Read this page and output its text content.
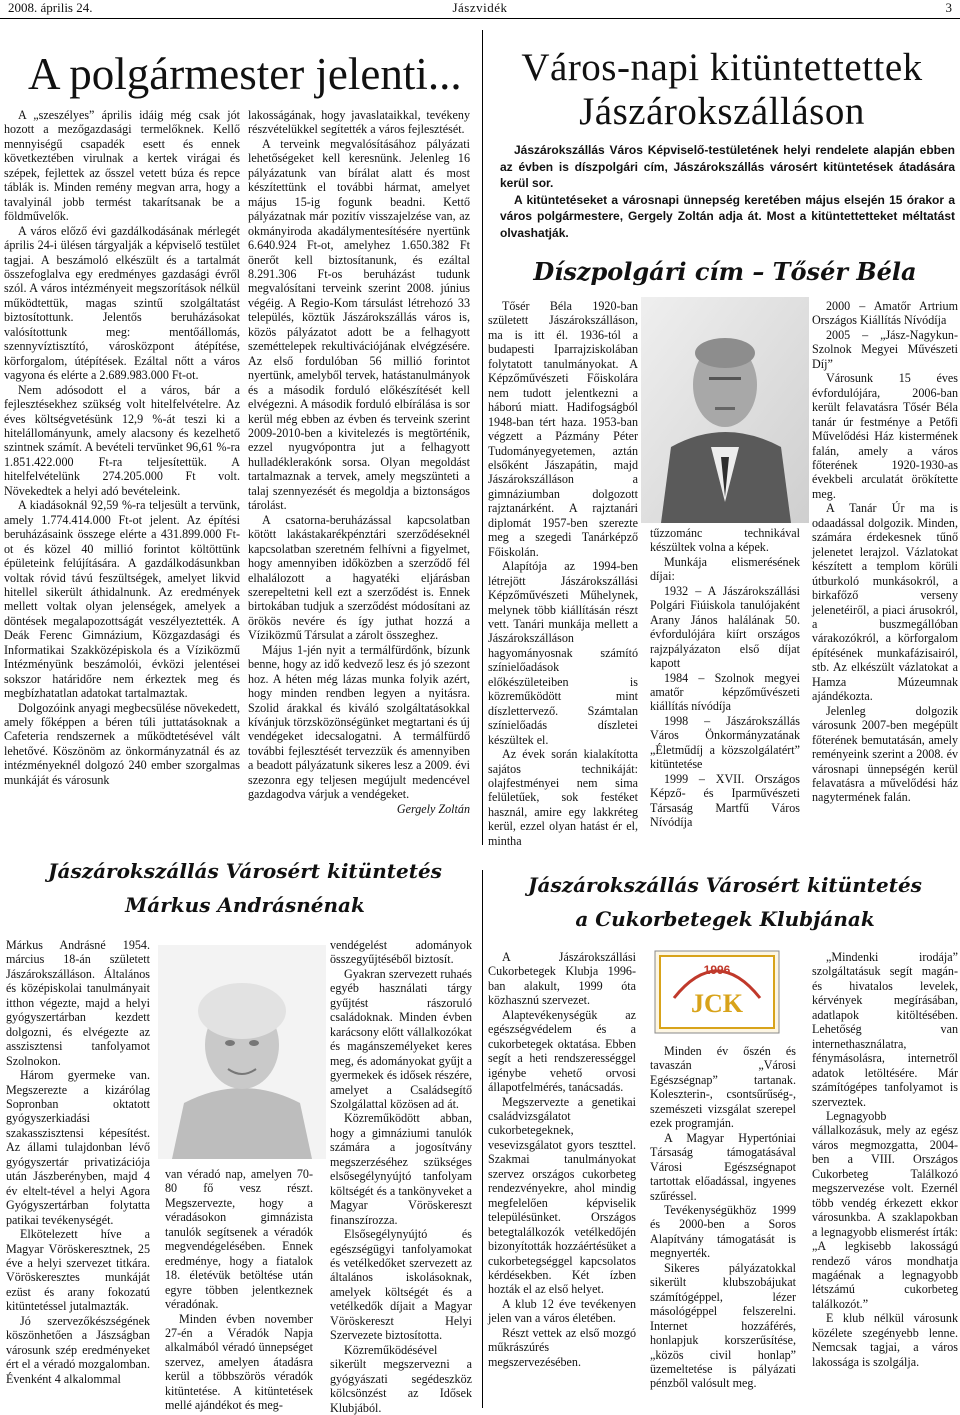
2008. április 24.	Jászvidék	3
A polgármester jelenti...

A „szeszélyes” április idáig még csak jót hozott a mezőgazdasági termelőknek. Kellő mennyiségű csapadék esett és ennek következtében virulnak a kertek virágai és szépek, fejlettek az ősszel vetett búza és repce táblák is. Minden remény megvan arra, hogy a tavalyinál jobb termést takarítsanak be a földművelők.

A város előző évi gazdálkodásának mérlegét április 24-i ülésen tárgyalják a képviselő testület tagjai. A beszámoló elkészült és a tartalmát összefoglalva egy eredményes gazdasági évről szól. A város intézményeit megszorítások nélkül működtettük, magas szintű szolgáltatást biztosítottunk. Jelentős beruházásokat valósítottunk meg: mentőállomás, szennyvíztisztító, városközpont átépítése, körforgalom, útépítések. Ezáltal nőtt a város vagyona és elérte a 2.689.983.000 Ft-ot.

Nem adósodott el a város, bár a fejlesztésekhez szükség volt hitelfelvételre. Az éves költségvetésünk 12,9 %-át teszi ki a hitelállományunk, amely alacsony és kezelhető szintnek számít. A bevételi tervünket 96,61 %-ra 1.851.422.000 Ft-ra teljesítettük. A hitelfelvételünk 274.205.000 Ft volt. Növekedtek a helyi adó bevételeink.

A kiadásoknál 92,59 %-ra teljesült a tervünk, amely 1.774.414.000 Ft-ot jelent. Az építési beruházásaink összege elérte a 431.899.000 Ft-ot és közel 40 millió forintot költöttünk épületeink felújítására. A gazdálkodásunkban voltak róvid távú feszültségek, amelyet likvid hitellel sikerült áthidalnunk. Az eredmények mellett voltak olyan jelenségek, amelyek a döntések megalapozottságát veszélyeztették. A Deák Ferenc Gimnázium, Közgazdasági és Informatikai Szakközépiskola és a Víziközmű Intézményünk beszámolói, évközi jelentései sokszor határidőre nem érkeztek meg és megbízhatatlan adatokat tartalmaztak.

Dolgozóink anyagi megbecsülése növekedett, amely főképpen a béren túli juttatásoknak a Cafeteria rendszernek a működtetésével vált lehetővé. Köszönöm az önkormányzatnál és az intézményeknél dolgozó 240 ember szorgalmas munkáját és városunk

lakosságának, hogy javaslataikkal, tevékeny részvételükkel segítették a város fejlesztését.

A terveink megvalósításához pályázati lehetőségeket kell keresnünk. Jelenleg 16 pályázatunk van bírálat alatt és most készítettünk el további hármat, amelyet május 15-ig fogunk beadni. Kettő pályázatnak már pozitív visszajelzése van, az okmányiroda akadálymentesítésére nyertünk 6.640.924 Ft-ot, amelyhez 1.650.382 Ft önerőt kell biztosítanunk, és ezáltal 8.291.306 Ft-os beruházást tudunk megvalósítani terveink szerint 2008. június végéig. A Regio-Kom társulást létrehozó 33 település, köztük Jászárokszállás város is, közös pályázatot adott be a felhagyott szeméttelepek rekultivációjának elvégzésére. Az első fordulóban 56 millió forintot nyertünk, amelyből tervek, hatástanulmányok és a második forduló előkészítését kell elvégezni. A második forduló elbírálása is sor kerül még ebben az évben és terveink szerint 2009-2010-ben a kivitelezés is megtörténik, ezzel nyugvópontra jut a felhagyott hulladéklerakónk sorsa. Olyan megoldást tartalmaznak a tervek, amely megszünteti a talaj szennyezését és megoldja a biztonságos tárolást.

A csatorna-beruházással kapcsolatban kötött lakástakarékpénztári szerződéseknél kapcsolatban szeretném felhívni a figyelmet, hogy amennyiben időközben a szerződő fél elhalálozott a hagyatéki eljárásban szerepeltetni kell ezt a szerződést is. Ennek birtokában tudjuk a szerződést módosítani az örökös nevére és így juthat hozzá a Víziközmű Társulat a zárolt összeghez.

Május 1-jén nyit a termálfürdőnk, bízunk benne, hogy az idő kedvező lesz és jó szezont hoz. A héten még lázas munka folyik azért, hogy minden rendben legyen a nyitásra. Szolid árakkal és kiváló szolgáltatásokkal kívánjuk törzsközönségünket megtartani és új vendégeket idecsalogatni. A termálfürdő további fejlesztését tervezzük és amennyiben a beadott pályázatunk sikeres lesz a 2009. évi szezonra egy teljesen megújult medencével gazdagodva várjuk a vendégeket.

Gergely Zoltán

Város-napi kitüntettettek
Jászárokszálláson

Jászárokszállás Város Képviselő-testületének helyi rendelete alapján ebben az évben is díszpolgári cím, Jászárokszállás városért kitüntetések átadására kerül sor.

A kitüntetéseket a városnapi ünnepség keretében május elsején 15 órakor a város polgármestere, Gergely Zoltán adja át. Most a kitüntettetteket méltatást olvashatják.

Díszpolgári cím – Tősér Béla

Tősér Béla 1920-ban született Jászárokszálláson, ma is itt él. 1936-tól a budapesti Iparrajziskolában folytatott tanulmányokat. A Képzőművészeti Főiskolára nem tudott jelentkezni a háború miatt. Hadifogságból 1948-ban tért haza. 1953-ban végzett a Pázmány Péter Tudományegyetemen, aztán elsőként Jászapátin, majd Jászárokszálláson a gimnáziumban dolgozott rajztanárként. A rajztanári diplomát 1957-ben szerezte meg a szegedi Tanárképző Főiskolán.

Alapítója az 1994-ben létrejött Jászárokszállási Képzőművészeti Műhelynek, melynek több kiállításán részt vett. Tanári munkája mellett a Jászárokszálláson hagyományosnak számító színielőadások előkészületeiben is közreműködött mint díszlettervező. Számtalan színielőadás díszletei készültek el.

Az évek során kialakította sajátos technikáját: olajfestményei nem sima felületűek, sok festéket használ, amire egy lakkréteg kerül, ezzel olyan hatást ér el, mintha

tűzzománc technikával készültek volna a képek.

Munkája elismerésének díjai:

1932 – A Jászárokszállási Polgári Fiúiskola tanulójaként Arany János halálának 50. évfordulójára kiírt országos rajzpályázaton első díjat kapott

1984 – Szolnok megyei amatőr képzőművészeti kiállítás nívódíja

1998 – Jászárokszállás Város Önkormányzatának „Életműdíj a közszolgálatért” kitüntetése

1999 – XVII. Országos Képző- és Iparművészeti Társaság Martfű Város Nívódíja

2000 – Amatőr Artrium Országos Kiállítás Nívódíja

2005 – „Jász-Nagykun-Szolnok Megyei Művészeti Díj”

Városunk 15 éves évfordulójára, 2006-ban került felavatásra Tősér Béla tanár úr festménye a Petőfi Művelődési Ház kistermének falán, amely a város főterének 1920-1930-as évekbeli arculatát örökítette meg.

A Tanár Úr ma is odaadással dolgozik. Minden, számára érdekesnek tűnő jelenetet lerajzol. Vázlatokat készített a templom körüli útburkoló munkásokról, a birkafőző verseny jelenetéiről, a piaci árusokról, a buszmegállóban várakozókról, a körforgalom építésének munkafázisairól, stb. Az elkészült vázlatokat a Hamza Múzeumnak ajándékozta.

Jelenleg dolgozik városunk 2007-ben megépült főterének bemutatásán, amely reményeink szerint a 2008. év városnapi ünnepségén kerül felavatásra a művelődési ház nagytermének falán.

Jászárokszállás Városért kitüntetés
Márkus Andrásnénak

Márkus Andrásné 1954. március 18-án született Jászárokszálláson. Általános és középiskolai tanulmányait itthon végezte, majd a helyi gyógyszertárban kezdett dolgozni, és elvégezte az asszisztensi tanfolyamot Szolnokon.

Három gyermeke van. Megszerezte a kizárólag Sopronban oktatott gyógyszerkiadási szakasszisztensi képesítést. Az állami tulajdonban lévő gyógyszertár privatizációja után Jászberényben, majd 4 év eltelt-tével a helyi Agora Gyógyszertárban folytatta patikai tevékenységét.

Elkötelezett híve a Magyar Vöröskeresztnek, 25 éve a helyi szervezet titkára. Vöröskeresztes munkáját ezüst és arany fokozatú kitüntetéssel jutalmazták.

Jó szervezőkészségének köszönhetően a Jászságban városunk szép eredményeket ért el a véradó mozgalomban. Évenként 4 alkalommal

van véradó nap, amelyen 70-80 fő vesz részt. Megszervezte, hogy a véradásokon gimnázista tanulók segítsenek a véradók megvendégelésében. Ennek eredménye, hogy a fiatalok 18. életévük betöltése után egyre többen jelentkeznek véradónak.

Minden évben november 27-én a Véradók Napja alkalmából véradó ünnepséget szervez, amelyen átadásra kerül a többszörös véradók kitüntetése. A kitüntetések mellé ajándékot és meg-

vendégelést adományok összegyűjtéséből biztosít.

Gyakran szervezett ruhaés egyéb használati tárgy gyűjtést rászoruló családoknak. Minden évben karácsony előtt vállalkozókat és magánszemélyeket keres meg, és adományokat gyűjt a gyermekek és idősek részére, amelyet a Családsegítő Szolgálattal közösen ad át.

Közreműködött abban, hogy a gimnáziumi tanulók számára a jogosítvány megszerzéséhez szükséges elsősegélynyújtó tanfolyam költségét és a tankönyveket a Magyar Vöröskereszt finanszírozza.

Elsősegélynyújtó és egészségügyi tanfolyamokat és vetélkedőket szervezett az általános iskolásoknak, amelyek költségét és a vetélkedők díjait a Magyar Vöröskereszt Helyi Szervezete biztosította.

Közreműködésével sikerült megszervezni a gyógyászati segédeszköz kölcsönzést az Idősek Klubjából.

Jászárokszállás Városért kitüntetés
a Cukorbetegek Klubjának
1996
JCK

A Jászárokszállási Cukorbetegek Klubja 1996-ban alakult, 1999 óta közhasznú szervezet.

Alaptevékenységük az egészségvédelem és a cukorbetegek oktatása. Ebben segít a heti rendszerességgel igénybe vehető orvosi állapotfelmérés, tanácsadás.

Megszervezte a genetikai családvizsgálatot cukorbetegeknek, vesevizsgálatot gyors teszttel. Szakmai tanulmányokat szervez országos cukorbeteg rendezvényekre, ahol mindig megfelelően képviselik településünket. Országos betegtalálkozók vetélkedőjén bizonyították hozzáértésüket a cukorbetegséggel kapcsolatos kérdésekben. Két ízben hozták el az első helyet.

A klub 12 éve tevékenyen jelen van a város életében.

Részt vettek az első mozgó műkrászúrés megszervezésében.

Minden év őszén és tavaszán „Városi Egészségnap” tartanak. Koleszterin-, csontsűrűség-, szemészeti vizsgálat szerepel ezek programján.

A Magyar Hypertóniai Társaság támogatásával Városi Egészségnapot tartottak előadással, ingyenes szűréssel.

Tevékenységükhöz 1999 és 2000-ben a Soros Alapítvány támogatását is megnyerték.

Sikeres pályázatokkal sikerült klubszobájukat számítógéppel, lézer másológéppel felszerelni. Internet hozzáférés, honlapjuk korszerűsítése, „közös civil honlap” üzemeltetése is pályázati pénzből valósult meg.

„Mindenki irodája” szolgáltatásuk segít magán- és hivatalos levelek, kérvények megírásában, adatlapok kitöltésében. Lehetőség van internethasználatra, fénymásolásra, internetről adatok letöltésére. Már számítógépes tanfolyamot is szerveztek.

Legnagyobb vállalkozásuk, mely az egész város megmozgatta, 2004-ben a VIII. Országos Cukorbeteg Találkozó megszervezése volt. Ezernél több vendég érkezett ekkor városunkba. A szaklapokban a legnagyobb elismerést írták: „A legkisebb lakosságú rendező város mondhatja magáénak a legnagyobb létszámú cukorbeteg találkozót.”

E klub nélkül városunk közélete szegényebb lenne. Nemcsak tagjai, a város lakossága is szolgálja.
